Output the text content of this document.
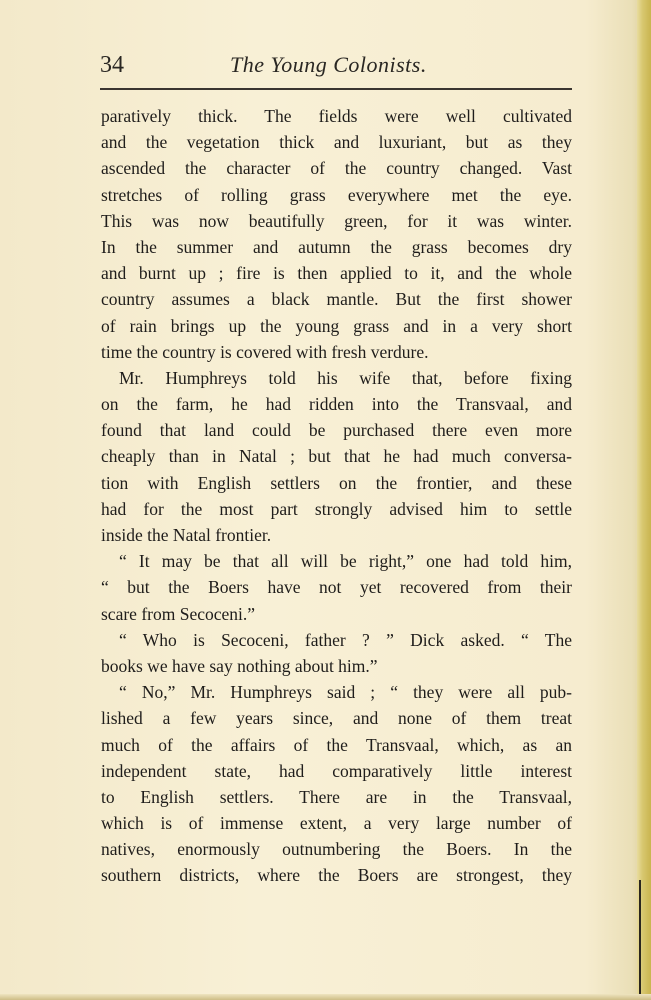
34	The Young Colonists.
paratively thick. The fields were well cultivated
and the vegetation thick and luxuriant, but as they
ascended the character of the country changed. Vast
stretches of rolling grass everywhere met the eye.
This was now beautifully green, for it was winter.
In the summer and autumn the grass becomes dry
and burnt up ; fire is then applied to it, and the whole
country assumes a black mantle. But the first shower
of rain brings up the young grass and in a very short
time the country is covered with fresh verdure.
Mr. Humphreys told his wife that, before fixing
on the farm, he had ridden into the Transvaal, and
found that land could be purchased there even more
cheaply than in Natal ; but that he had much conversa-
tion with English settlers on the frontier, and these
had for the most part strongly advised him to settle
inside the Natal frontier.
“ It may be that all will be right,” one had told him,
“ but the Boers have not yet recovered from their
scare from Secoceni.”
“ Who is Secoceni, father ? ” Dick asked. “ The
books we have say nothing about him.”
“ No,” Mr. Humphreys said ; “ they were all pub-
lished a few years since, and none of them treat
much of the affairs of the Transvaal, which, as an
independent state, had comparatively little interest
to English settlers. There are in the Transvaal,
which is of immense extent, a very large number of
natives, enormously outnumbering the Boers. In the
southern districts, where the Boers are strongest, they
